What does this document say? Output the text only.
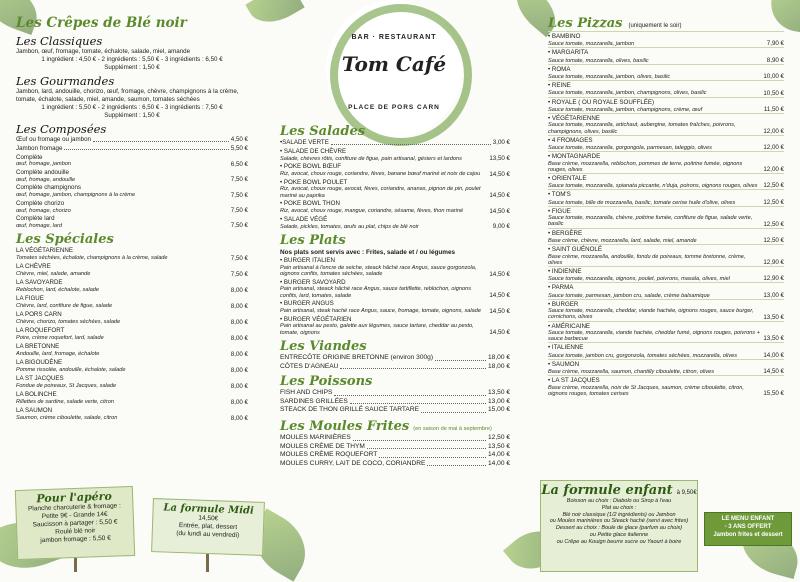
Les Crêpes de Blé noir
Les Classiques
Jambon, œuf, fromage, tomate, échalote, salade, miel, amande
1 ingrédient : 4,50 € - 2 ingrédients : 5,50 € - 3 ingrédients : 6,50 €
Supplément : 1,50 €
Les Gourmandes
Jambon, lard, andouille, chorizo, œuf, fromage, chèvre, champignons à la crème, tomate, échalote, salade, miel, amande, saumon, tomates séchées
1 ingrédient : 5,50 € - 2 ingrédients : 6,50 € - 3 ingrédients : 7,50 €
Supplément : 1,50 €
Les Composées
Œuf ou fromage ou jambon	4,50 €
Jambon fromage	5,50 €
Complète
œuf, fromage, jambon	6,50 €
Complète andouille
œuf, fromage, andouille	7,50 €
Complète champignons
œuf, fromage, jambon, champignons à la crème	7,50 €
Complète chorizo
œuf, fromage, chorizo	7,50 €
Complète lard
œuf, fromage, lard	7,50 €
Les Spéciales
LA VÉGÉTARIENNE
Tomates séchées, échalote, champignons à la crème, salade	7,50 €
LA CHÈVRE
Chèvre, miel, salade, amande	7,50 €
LA SAVOYARDE
Reblochon, lard, échalote, salade	8,00 €
LA FIGUE
Chèvre, lard, confiture de figue, salade	8,00 €
LA PORS CARN
Chèvre, chorizo, tomates séchées, salade	8,00 €
LA ROQUEFORT
Poire, crème roquefort, lard, salade	8,00 €
LA BRETONNE
Andouille, lard, fromage, échalote	8,00 €
LA BIGOUDÈNE
Pomme rissolée, andouille, échalote, salade	8,00 €
LA ST JACQUES
Fondue de poireaux, St Jacques, salade	8,00 €
LA BOLINCHE
Rillettes de sardine, salade verte, citron	8,00 €
LA SAUMON
Saumon, crème ciboulette, salade, citron	8,00 €
Pour l'apéro
Planche charcuterie & fromage :
Petite 9€ - Grande 14€
Saucisson à partager : 5,50 €
Roulé blé noir
jambon fromage : 5,50 €
La formule Midi
14,50€
Entrée, plat, dessert
(du lundi au vendredi)
BAR · RESTAURANT
Tom Café
PLACE DE PORS CARN
Les Salades
• SALADE VERTE	3,00 €
• SALADE DE CHÈVRE
Salade, chèvres rôtis, confiture de figue, pain artisanal, gésiers et lardons	13,50 €
• POKE BOWL BŒUF
Riz, avocat, choux rouge, coriandre, fèves, banane bœuf mariné et noix de cajou	14,50 €
• POKE BOWL POULET
Riz, avocat, choux rouge, avocat, fèves, coriandre, ananas, pignon de pin, poulet mariné au paprika	14,50 €
• POKE BOWL THON
Riz, avocat, choux rouge, mangue, coriandre, sésame, fèves, thon mariné	14,50 €
• SALADE VÉGÉ
Salade, pickles, tomates, œufs au plat, chips de blé noir	9,00 €
Les Plats
Nos plats sont servis avec : Frites, salade et / ou légumes
• BURGER ITALIEN
Pain artisanal à l'encre de seiche, steack hâché race Angus, sauce gorgonzola, oignons confits, tomates séchées, salade	14,50 €
• BURGER SAVOYARD
Pain artisanal, steack hâché race Angus, sauce tartiflette, reblochon, oignons confits, lard, tomates, salade	14,50 €
• BURGER ANGUS
Pain artisanal, steak haché race Angus, sauce, fromage, tomate, oignons, salade	14,50 €
• BURGER VÉGÉTARIEN
Pain artisanal au pesto, galette aux légumes, sauce tartare, cheddar au pesto, tomate, oignons	14,50 €
Les Viandes
ENTRECÔTE ORIGINE BRETONNE (environ 300g)	18,00 €
CÔTES D'AGNEAU	18,00 €
Les Poissons
FISH AND CHIPS	13,50 €
SARDINES GRILLÉES	13,00 €
STEACK DE THON GRILLÉ SAUCE TARTARE	15,00 €
Les Moules Frites (en saison de mai à septembre)
MOULES MARINIÈRES	12,50 €
MOULES CRÈME DE THYM	13,50 €
MOULES CRÈME ROQUEFORT	14,00 €
MOULES CURRY, LAIT DE COCO, CORIANDRE	14,00 €
Les Pizzas (uniquement le soir)
• BAMBINO
Sauce tomate, mozzarella, jambon	7,90 €
• MARGARITA
Sauce tomate, mozzarella, olives, basilic	8,90 €
• ROMA
Sauce tomate, mozzarella, jambon, olives, basilic	10,00 €
• REINE
Sauce tomate, mozzarella, jambon, champignons, olives, basilic	10,50 €
• ROYALE ( OU ROYALE SOUFFLÉE)
Sauce tomate, mozzarella, jambon, champignons, crème, œuf	11,50 €
• VÉGÉTARIENNE
Sauce tomate, mozzarella, artichaut, aubergine, tomates fraîches, poivrons, champignons, olives, basilic	12,00 €
• 4 FROMAGES
Sauce tomate, mozzarella, gorgongola, parmesan, taleggio, olives	12,00 €
• MONTAGNARDE
Base crème, mozzarella, reblochon, pommes de terre, poitrine fumée, oignons rouges, olives	12,00 €
• ORIENTALE
Sauce tomate, mozzarella, spianata piccante, n'duja, poirons, oignons rouges, olives 12,50 €
• TOM'S
Sauce tomate, bille de mozzarella, basilic, tomate cerise huile d'olive, olives	12,50 €
• FIGUE
Sauce tomate, mozzarella, chèvre, poitrine fumée, confiture de figue, salade verte, basilic	12,50 €
• BERGÈRE
Base crème, chèvre, mozzarella, lard, salade, miel, amande	12,50 €
• SAINT GUÉNOLÉ
Base crème, mozzarella, andouille, fondu de poireaux, tomme bretonne, crème, olives	12,90 €
• INDIENNE
Sauce tomate, mozzarella, oignons, poulet, poivrons, masala, olives, miel	12,90 €
• PARMA
Sauce tomate, parmesan, jambon cru, salade, crème balsamique	13,00 €
• BURGER
Sauce tomate, mozzarella, cheddar, viande hachée, oignons rouges, sauce burger, cornichons, olives	13,50 €
• AMÉRICAINE
Sauce tomate, mozzarella, viande hachée, cheddar fumé, oignons rouges, poivrons + sauce barbecue	13,50 €
• ITALIENNE
Sauce tomate, jambon cru, gorgonzola, tomates séchées, mozzarella, olives	14,00 €
• SAUMON
Base crème, mozzarella, saumon, chantilly ciboulette, citron, olives	14,50 €
• LA ST JACQUES
Base crème, mozzarella, noix de St Jacques, saumon, crème ciboulette, citron, oignons rouges, tomates cerises	15,50 €
La formule enfant à 9,50€
Boisson au choix : Diabolo ou Sirop à l'eau
Plat au choix :
Blé noir classique (1/2 ingrédients) ou Jambon
ou Moules marinières ou Steack haché (servi avec frites)
Dessert au choix : Boule de glace (parfum au choix)
ou Petite glace italienne
ou Crêpe au Kouign beurre sucre ou Yaourt à boire
LE MENU ENFANT
- 3 ANS OFFERT
Jambon frites et dessert
